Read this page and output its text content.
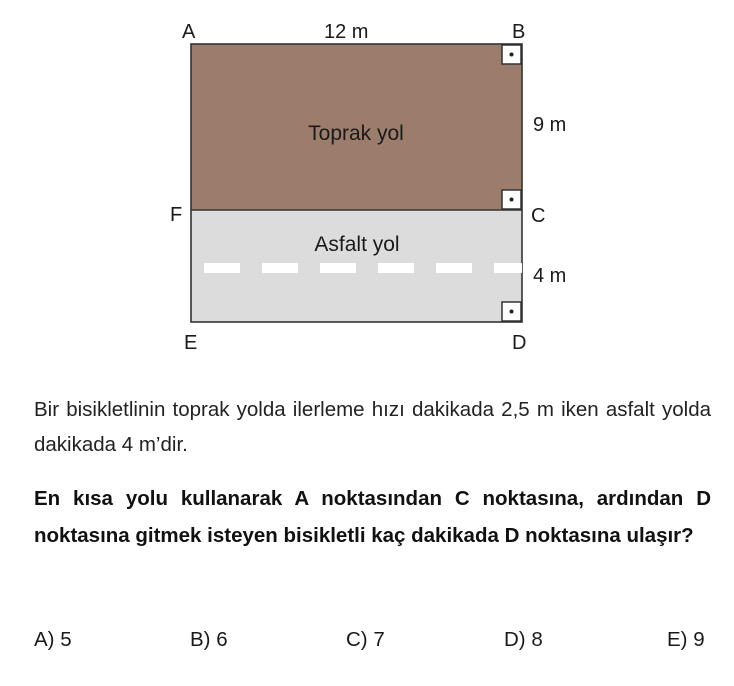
A	B
F	C
E	D
12 m
9 m
4 m
Toprak yol
Asfalt yol

Bir bisikletlinin toprak yolda ilerleme hızı dakikada 2,5 m iken asfalt yolda dakikada 4 m’dir.

En kısa yolu kullanarak A noktasından C noktasına, ardından D noktasına gitmek isteyen bisikletli kaç dakikada D noktasına ulaşır?

A) 5	B) 6	C) 7	D) 8	E) 9
